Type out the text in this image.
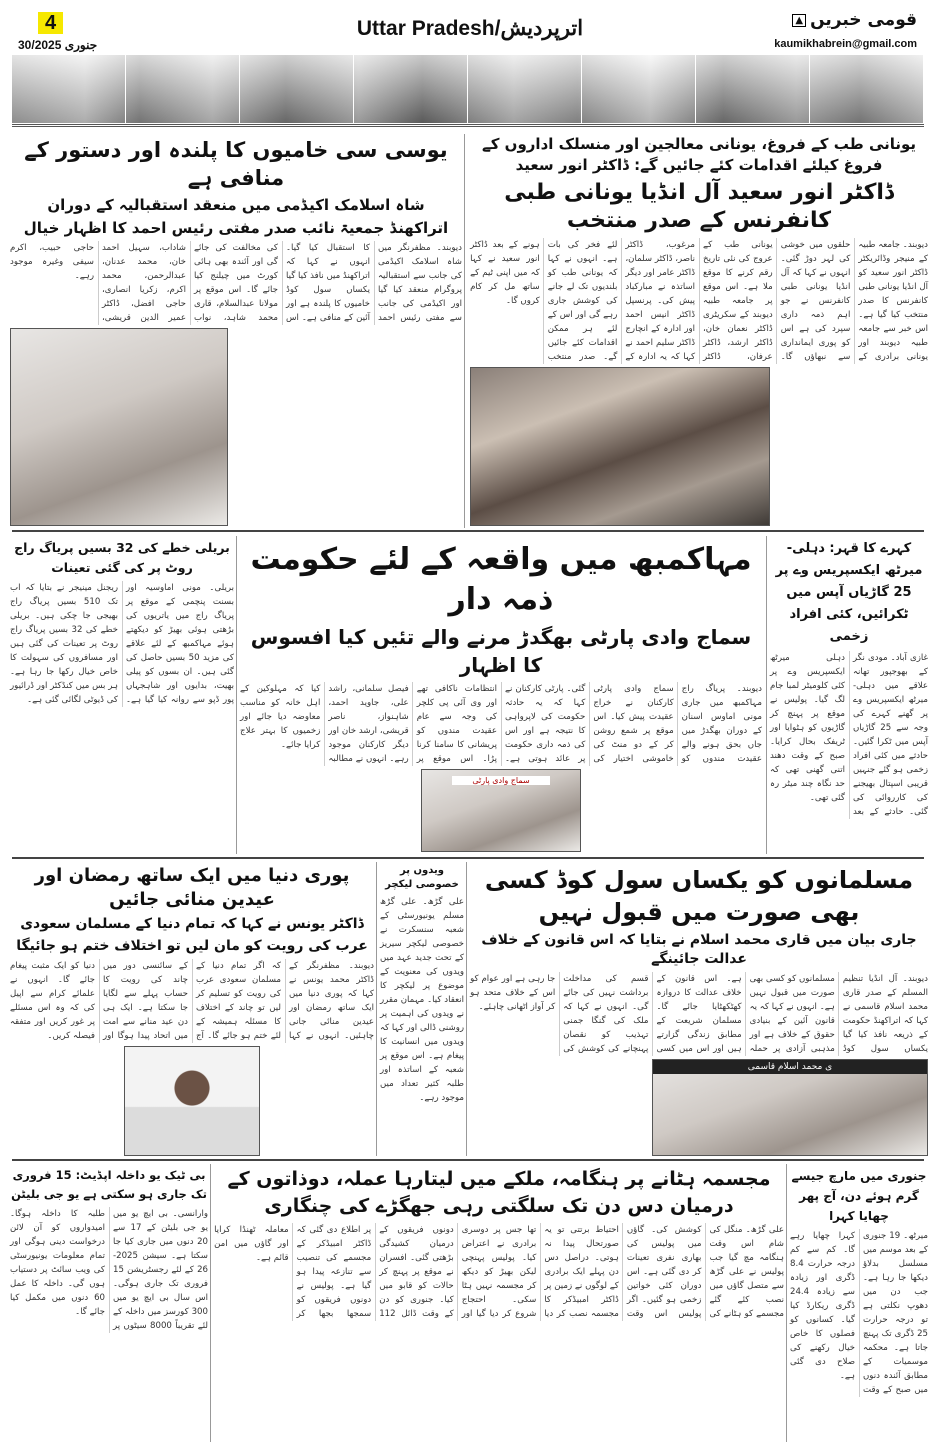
4
30/جنوری 2025
Uttar Pradesh/اترپردیش	قومی خبریں
▲
kaumikhabrein@gmail.com
یونانی طب کے فروغ، یونانی معالجین اور منسلک اداروں کے فروغ کیلئے اقدامات کئے جائیں گے: ڈاکٹر انور سعید
ڈاکٹر انور سعید آل انڈیا یونانی طبی کانفرنس کے صدر منتخب
دیوبند۔ جامعہ طبیہ کے منیجر وڈائریکٹر ڈاکٹر انور سعید کو آل انڈیا یونانی طبی کانفرنس کا صدر منتخب کیا گیا ہے۔ اس خبر سے جامعہ طبیہ دیوبند اور یونانی برادری کے حلقوں میں خوشی کی لہر دوڑ گئی۔ انہوں نے کہا کہ آل انڈیا یونانی طبی کانفرنس نے جو اہم ذمہ داری سپرد کی ہے اس کو پوری ایمانداری سے نبھاؤں گا۔ یونانی طب کے عروج کی نئی تاریخ رقم کرنے کا موقع ملا ہے۔ اس موقع پر جامعہ طبیہ دیوبند کے سکریٹری ڈاکٹر نعمان خان، ڈاکٹر ارشد، ڈاکٹر عرفان، ڈاکٹر مرغوب، ڈاکٹر ناصر، ڈاکٹر سلمان، ڈاکٹر عامر اور دیگر اساتذہ نے مبارکباد پیش کی۔ پرنسپل ڈاکٹر انیس احمد اور ادارہ کے انچارج ڈاکٹر سلیم احمد نے کہا کہ یہ ادارہ کے لئے فخر کی بات ہے۔ انہوں نے کہا کہ یونانی طب کو بلندیوں تک لے جانے کی کوشش جاری رہے گی اور اس کے لئے ہر ممکن اقدامات کئے جائیں گے۔ صدر منتخب ہونے کے بعد ڈاکٹر انور سعید نے کہا کہ میں اپنی ٹیم کے ساتھ مل کر کام کروں گا۔
یوسی سی خامیوں کا پلندہ اور دستور کے منافی ہے
شاہ اسلامک اکیڈمی میں منعقد استقبالیہ کے دوران
اتراکھنڈ جمعیۃ نائب صدر مفتی رئیس احمد کا اظہار خیال
دیوبند۔ مظفرنگر میں شاہ اسلامک اکیڈمی کی جانب سے استقبالیہ پروگرام منعقد کیا گیا اور اکیڈمی کی جانب سے مفتی رئیس احمد کا استقبال کیا گیا۔ انہوں نے کہا کہ اتراکھنڈ میں نافذ کیا گیا یکساں سول کوڈ خامیوں کا پلندہ ہے اور آئین کے منافی ہے۔ اس کی مخالفت کی جائے گی اور آئندہ بھی ہائی کورٹ میں چیلنج کیا جائے گا۔ اس موقع پر مولانا عبدالسلام، قاری محمد شاہد، نواب شاداب، سہیل احمد خان، محمد عدنان، عبدالرحمن، محمد اکرم، زکریا انصاری، حاجی افضل، ڈاکٹر عمیر الدین قریشی، حاجی حبیب، اکرم سیفی وغیرہ موجود رہے۔
کہرے کا قہر: دہلی- میرٹھ ایکسپریس وے پر 25 گاڑیاں آپس میں ٹکرائیں، کئی افراد زخمی
غازی آباد۔ مودی نگر کے بھوجپور تھانہ علاقے میں دہلی-میرٹھ ایکسپریس وے پر گھنے کہرے کی وجہ سے 25 گاڑیاں آپس میں ٹکرا گئیں۔ حادثے میں کئی افراد زخمی ہو گئے جنہیں قریبی اسپتال بھیجنے کی کارروائی کی گئی۔ حادثے کے بعد دہلی میرٹھ ایکسپریس وے پر کئی کلومیٹر لمبا جام لگ گیا۔ پولیس نے موقع پر پہنچ کر گاڑیوں کو ہٹوایا اور ٹریفک بحال کرایا۔ صبح کے وقت دھند اتنی گھنی تھی کہ حد نگاہ چند میٹر رہ گئی تھی۔
مہاکمبھ میں واقعہ کے لئے حکومت ذمہ دار
سماج وادی پارٹی بھگدڑ مرنے والے تئیں کیا افسوس کا اظہار
دیوبند۔ پریاگ راج مہاکمبھ میں جاری مونی اماوس اسنان کے دوران بھگدڑ میں جاں بحق ہونے والے عقیدت مندوں کو سماج وادی پارٹی کارکنان نے خراج عقیدت پیش کیا۔ اس موقع پر شمع روشن کر کے دو منٹ کی خاموشی اختیار کی گئی۔ پارٹی کارکنان نے کہا کہ یہ حادثہ حکومت کی لاپرواہی کا نتیجہ ہے اور اس کی ذمہ داری حکومت پر عائد ہوتی ہے۔ انتظامات ناکافی تھے اور وی آئی پی کلچر کی وجہ سے عام عقیدت مندوں کو پریشانی کا سامنا کرنا پڑا۔ اس موقع پر فیصل سلمانی، راشد علی، جاوید احمد، شاہنواز، ناصر قریشی، ارشد خان اور دیگر کارکنان موجود رہے۔ انہوں نے مطالبہ کیا کہ مہلوکین کے اہل خانہ کو مناسب معاوضہ دیا جائے اور زخمیوں کا بہتر علاج کرایا جائے۔
سماج وادی پارٹی
بریلی خطے کی 32 بسیں پریاگ راج روٹ پر کی گئی تعینات
بریلی۔ مونی اماوسیہ اور بسنت پنچمی کے موقع پر پریاگ راج میں یاتریوں کی بڑھتی ہوئی بھیڑ کو دیکھتے ہوئے مہاکمبھ کے لئے علاقے کی مزید 50 بسیں حاصل کی گئی ہیں۔ ان بسوں کو پیلی بھیت، بدایوں اور شاہجہاں پور ڈپو سے روانہ کیا گیا ہے۔ ریجنل مینیجر نے بتایا کہ اب تک 510 بسیں پریاگ راج بھیجی جا چکی ہیں۔ بریلی خطے کی 32 بسیں پریاگ راج روٹ پر تعینات کی گئی ہیں اور مسافروں کی سہولت کا خاص خیال رکھا جا رہا ہے۔ ہر بس میں کنڈکٹر اور ڈرائیور کی ڈیوٹی لگائی گئی ہے۔
مسلمانوں کو یکساں سول کوڈ کسی بھی صورت میں قبول نہیں
جاری بیان میں قاری محمد اسلام نے بتایا کہ اس قانون کے خلاف عدالت جائینگے
دیوبند۔ آل انڈیا تنظیم المسلم کے صدر قاری محمد اسلام قاسمی نے کہا کہ اتراکھنڈ حکومت کے ذریعہ نافذ کیا گیا یکساں سول کوڈ مسلمانوں کو کسی بھی صورت میں قبول نہیں ہے۔ انہوں نے کہا کہ یہ قانون آئین کے بنیادی حقوق کے خلاف ہے اور مذہبی آزادی پر حملہ ہے۔ اس قانون کے خلاف عدالت کا دروازہ کھٹکھٹایا جائے گا۔ مسلمان شریعت کے مطابق زندگی گزارتے ہیں اور اس میں کسی قسم کی مداخلت برداشت نہیں کی جائے گی۔ انہوں نے کہا کہ ملک کی گنگا جمنی تہذیب کو نقصان پہنچانے کی کوشش کی جا رہی ہے اور عوام کو اس کے خلاف متحد ہو کر آواز اٹھانی چاہئے۔
ی محمد اسلام قاسمی
ویدوں پر خصوصی لیکچر
علی گڑھ۔ علی گڑھ مسلم یونیورسٹی کے شعبہ سنسکرت نے خصوصی لیکچر سیریز کے تحت جدید عہد میں ویدوں کی معنویت کے موضوع پر لیکچر کا انعقاد کیا۔ مہمان مقرر نے ویدوں کی اہمیت پر روشنی ڈالی اور کہا کہ ویدوں میں انسانیت کا پیغام ہے۔ اس موقع پر شعبہ کے اساتذہ اور طلبہ کثیر تعداد میں موجود رہے۔
پوری دنیا میں ایک ساتھ رمضان اور عیدین منائی جائیں
ڈاکٹر یونس نے کہا کہ تمام دنیا کے مسلمان سعودی
عرب کی رویت کو مان لیں تو اختلاف ختم ہو جائیگا
دیوبند۔ مظفرنگر کے ڈاکٹر محمد یونس نے کہا کہ پوری دنیا میں ایک ساتھ رمضان اور عیدین منائی جانی چاہئیں۔ انہوں نے کہا کہ اگر تمام دنیا کے مسلمان سعودی عرب کی رویت کو تسلیم کر لیں تو چاند کے اختلاف کا مسئلہ ہمیشہ کے لئے ختم ہو جائے گا۔ آج کے سائنسی دور میں چاند کی رویت کا حساب پہلے سے لگایا جا سکتا ہے۔ ایک ہی دن عید منانے سے امت میں اتحاد پیدا ہوگا اور دنیا کو ایک مثبت پیغام جائے گا۔ انہوں نے علمائے کرام سے اپیل کی کہ وہ اس مسئلے پر غور کریں اور متفقہ فیصلہ کریں۔
جنوری میں مارچ جیسے گرم ہوئے دن، آج پھر چھایا کہرا
میرٹھ۔ 19 جنوری کے بعد موسم میں مسلسل بدلاؤ دیکھا جا رہا ہے۔ جب دن میں دھوپ نکلتی ہے تو درجہ حرارت 25 ڈگری تک پہنچ جاتا ہے۔ محکمہ موسمیات کے مطابق آئندہ دنوں میں صبح کے وقت کہرا چھایا رہے گا۔ کم سے کم درجہ حرارت 8.4 ڈگری اور زیادہ سے زیادہ 24.4 ڈگری ریکارڈ کیا گیا۔ کسانوں کو فصلوں کا خاص خیال رکھنے کی صلاح دی گئی ہے۔
مجسمہ ہٹانے پر ہنگامہ، ملکے میں لیتارہا عملہ، دوذاتوں کے درمیان دس دن تک سلگتی رہی جھگڑے کی چنگاری
علی گڑھ۔ منگل کی شام اس وقت ہنگامہ مچ گیا جب پولیس نے علی گڑھ سے متصل گاؤں میں نصب کئے گئے مجسمے کو ہٹانے کی کوشش کی۔ گاؤں میں پولیس کی بھاری نفری تعینات کر دی گئی ہے۔ اس دوران کئی خواتین زخمی ہو گئیں۔ اگر پولیس اس وقت احتیاط برتتی تو یہ صورتحال پیدا نہ ہوتی۔ دراصل دس دن پہلے ایک برادری کے لوگوں نے زمین پر ڈاکٹر امبیڈکر کا مجسمہ نصب کر دیا تھا جس پر دوسری برادری نے اعتراض کیا۔ پولیس پہنچی لیکن بھیڑ کو دیکھ کر مجسمہ نہیں ہٹا سکی۔ احتجاج شروع کر دیا گیا اور دونوں فریقوں کے درمیان کشیدگی بڑھتی گئی۔ افسران نے موقع پر پہنچ کر حالات کو قابو میں کیا۔ جنوری کو دن کے وقت ڈائل 112 پر اطلاع دی گئی کہ ڈاکٹر امبیڈکر کے مجسمے کی تنصیب سے تنازعہ پیدا ہو گیا ہے۔ پولیس نے دونوں فریقوں کو سمجھا بجھا کر معاملہ ٹھنڈا کرایا اور گاؤں میں امن قائم ہے۔
بی ٹیک یو داخلہ اپڈیٹ: 15 فروری تک جاری ہو سکتی ہے یو جی بلیٹن
وارانسی۔ بی ایچ یو میں یو جی بلیٹن کے 17 سے 20 دنوں میں جاری کیا جا سکتا ہے۔ سیشن 2025-26 کے لئے رجسٹریشن 15 فروری تک جاری ہوگی۔ اس سال بی ایچ یو میں 300 کورسز میں داخلہ کے لئے تقریباً 8000 سیٹوں پر طلبہ کا داخلہ ہوگا۔ امیدواروں کو آن لائن درخواست دینی ہوگی اور تمام معلومات یونیورسٹی کی ویب سائٹ پر دستیاب ہوں گی۔ داخلہ کا عمل 60 دنوں میں مکمل کیا جائے گا۔
